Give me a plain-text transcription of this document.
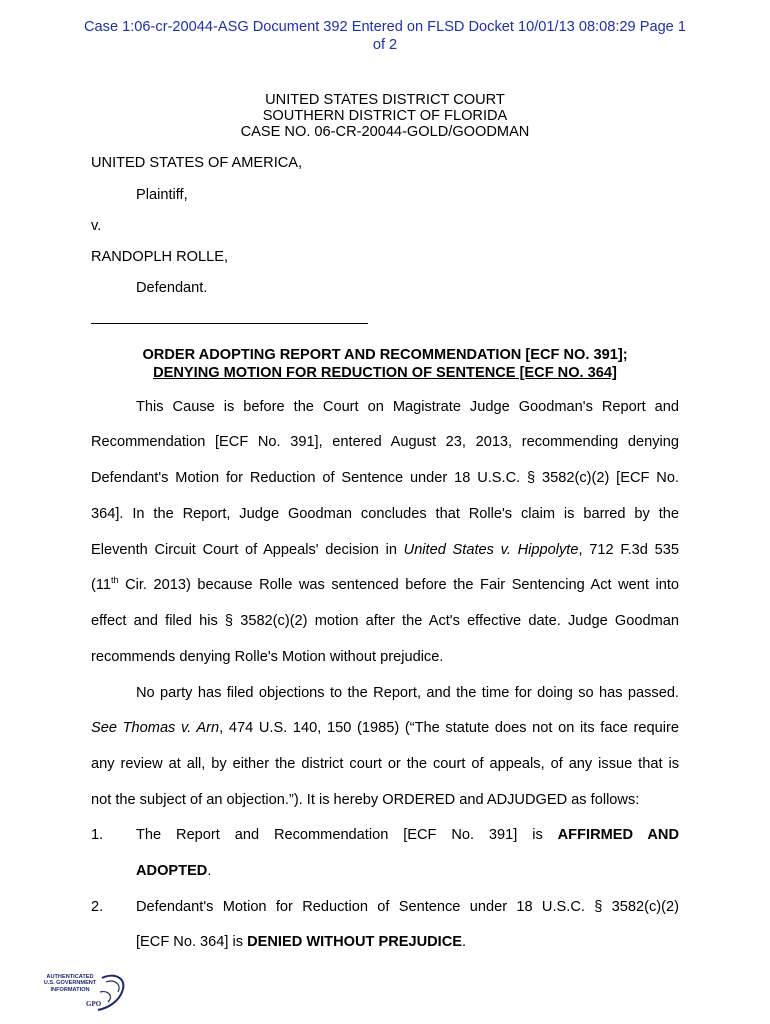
Case 1:06-cr-20044-ASG Document 392 Entered on FLSD Docket 10/01/13 08:08:29 Page 1
of 2
UNITED STATES DISTRICT COURT
SOUTHERN DISTRICT OF FLORIDA
CASE NO. 06-CR-20044-GOLD/GOODMAN
UNITED STATES OF AMERICA,
Plaintiff,
v.
RANDOPLH ROLLE,
Defendant.
ORDER ADOPTING REPORT AND RECOMMENDATION [ECF NO. 391];
DENYING MOTION FOR REDUCTION OF SENTENCE [ECF NO. 364]
This Cause is before the Court on Magistrate Judge Goodman's Report and
Recommendation [ECF No. 391], entered August 23, 2013, recommending denying
Defendant's Motion for Reduction of Sentence under 18 U.S.C. § 3582(c)(2) [ECF No.
364]. In the Report, Judge Goodman concludes that Rolle's claim is barred by the
Eleventh Circuit Court of Appeals' decision in United States v. Hippolyte, 712 F.3d 535
(11th Cir. 2013) because Rolle was sentenced before the Fair Sentencing Act went into
effect and filed his § 3582(c)(2) motion after the Act's effective date. Judge Goodman
recommends denying Rolle's Motion without prejudice.
No party has filed objections to the Report, and the time for doing so has passed.
See Thomas v. Arn, 474 U.S. 140, 150 (1985) (“The statute does not on its face require
any review at all, by either the district court or the court of appeals, of any issue that is
not the subject of an objection.”). It is hereby ORDERED and ADJUDGED as follows:
1. The Report and Recommendation [ECF No. 391] is AFFIRMED AND
ADOPTED.
2. Defendant's Motion for Reduction of Sentence under 18 U.S.C. § 3582(c)(2)
[ECF No. 364] is DENIED WITHOUT PREJUDICE.
AUTHENTICATED
U.S. GOVERNMENT
INFORMATION
GPO
